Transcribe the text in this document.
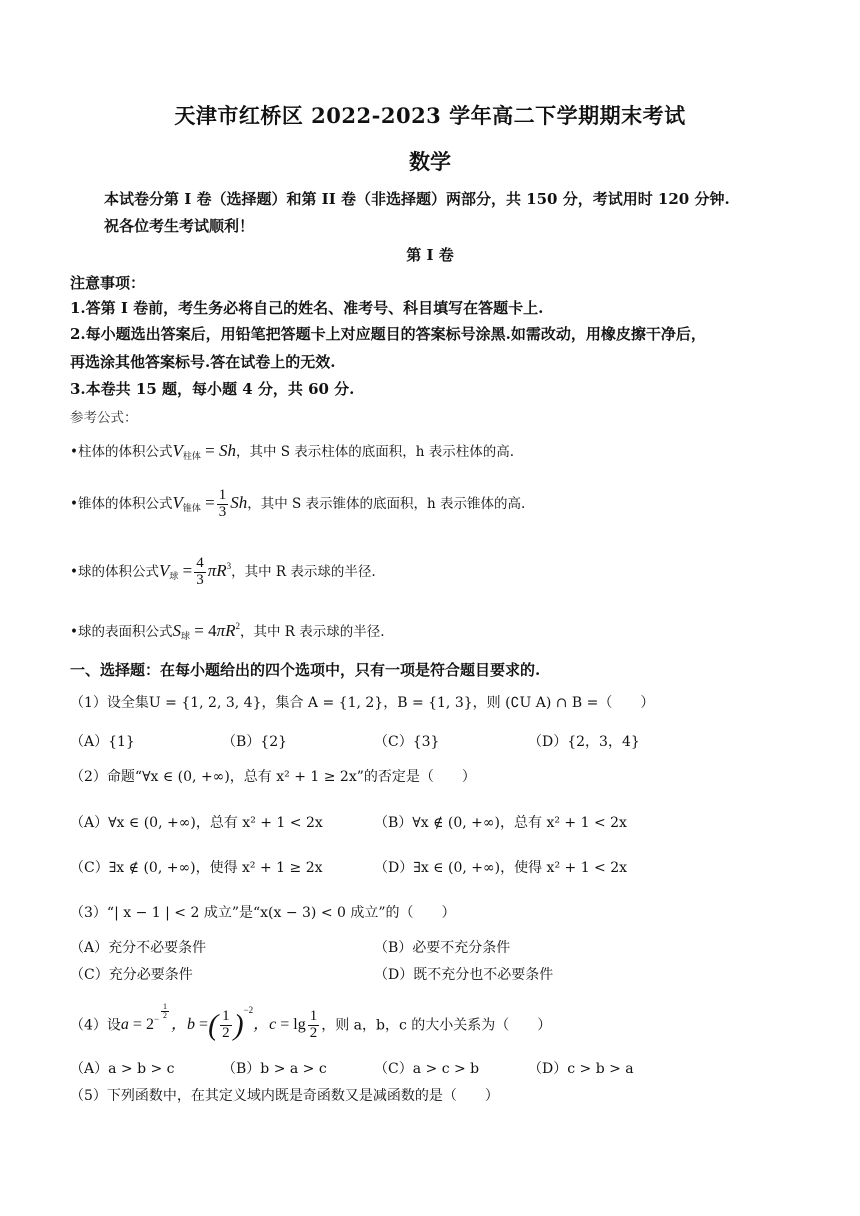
天津市红桥区 2022-2023 学年高二下学期期末考试
数学
本试卷分第 I 卷（选择题）和第 II 卷（非选择题）两部分，共 150 分，考试用时 120 分钟.
祝各位考生考试顺利！
第 I 卷
注意事项：
1.答第 I 卷前，考生务必将自己的姓名、准考号、科目填写在答题卡上.
2.每小题选出答案后，用铅笔把答题卡上对应题目的答案标号涂黑.如需改动，用橡皮擦干净后，
再选涂其他答案标号.答在试卷上的无效.
3.本卷共 15 题，每小题 4 分，共 60 分.
参考公式：
•柱体的体积公式$V_{柱体} = Sh$，其中 S 表示柱体的底面积，h 表示柱体的高.
•锥体的体积公式$V_{锥体} = \frac{1}{3}$ Sh，其中 S 表示锥体的底面积，h 表示锥体的高.
•球的体积公式$V_球 = \frac{4}{3} \pi R^3$，其中 R 表示球的半径.
•球的表面积公式$S_球 = 4\pi R^2$，其中 R 表示球的半径.
一、选择题：在每小题给出的四个选项中，只有一项是符合题目要求的.
（1）设全集U = {1, 2, 3, 4}，集合 A = {1, 2}，B = {1, 3}，则 (∁U A) ∩ B =（　　）
（A）{1}	（B）{2}	（C）{3}	（D）{2，3，4}
（2）命题“∀x ∈ (0, +∞)，总有 x² + 1 ≥ 2x”的否定是（　　）
（A）∀x ∈ (0, +∞)，总有 x² + 1 < 2x	（B）∀x ∉ (0, +∞)，总有 x² + 1 < 2x
（C）∃x ∉ (0, +∞)，使得 x² + 1 ≥ 2x	（D）∃x ∈ (0, +∞)，使得 x² + 1 < 2x
（3）“| x − 1 | < 2 成立”是“x(x − 3) < 0 成立”的（　　）
（A）充分不必要条件	（B）必要不充分条件
（C）充分必要条件	（D）既不充分也不必要条件
（4）设$a = 2^{- \frac{1}{2}}$
，b =( $\frac{1}{2} )^{-2}$，$c = \lg \frac{1}{2}$ ，则 a，b，c 的大小关系为（　　）
（A）a > b > c	（B）b > a > c	（C）a > c > b	（D）c > b > a
（5）下列函数中，在其定义域内既是奇函数又是减函数的是（　　）
